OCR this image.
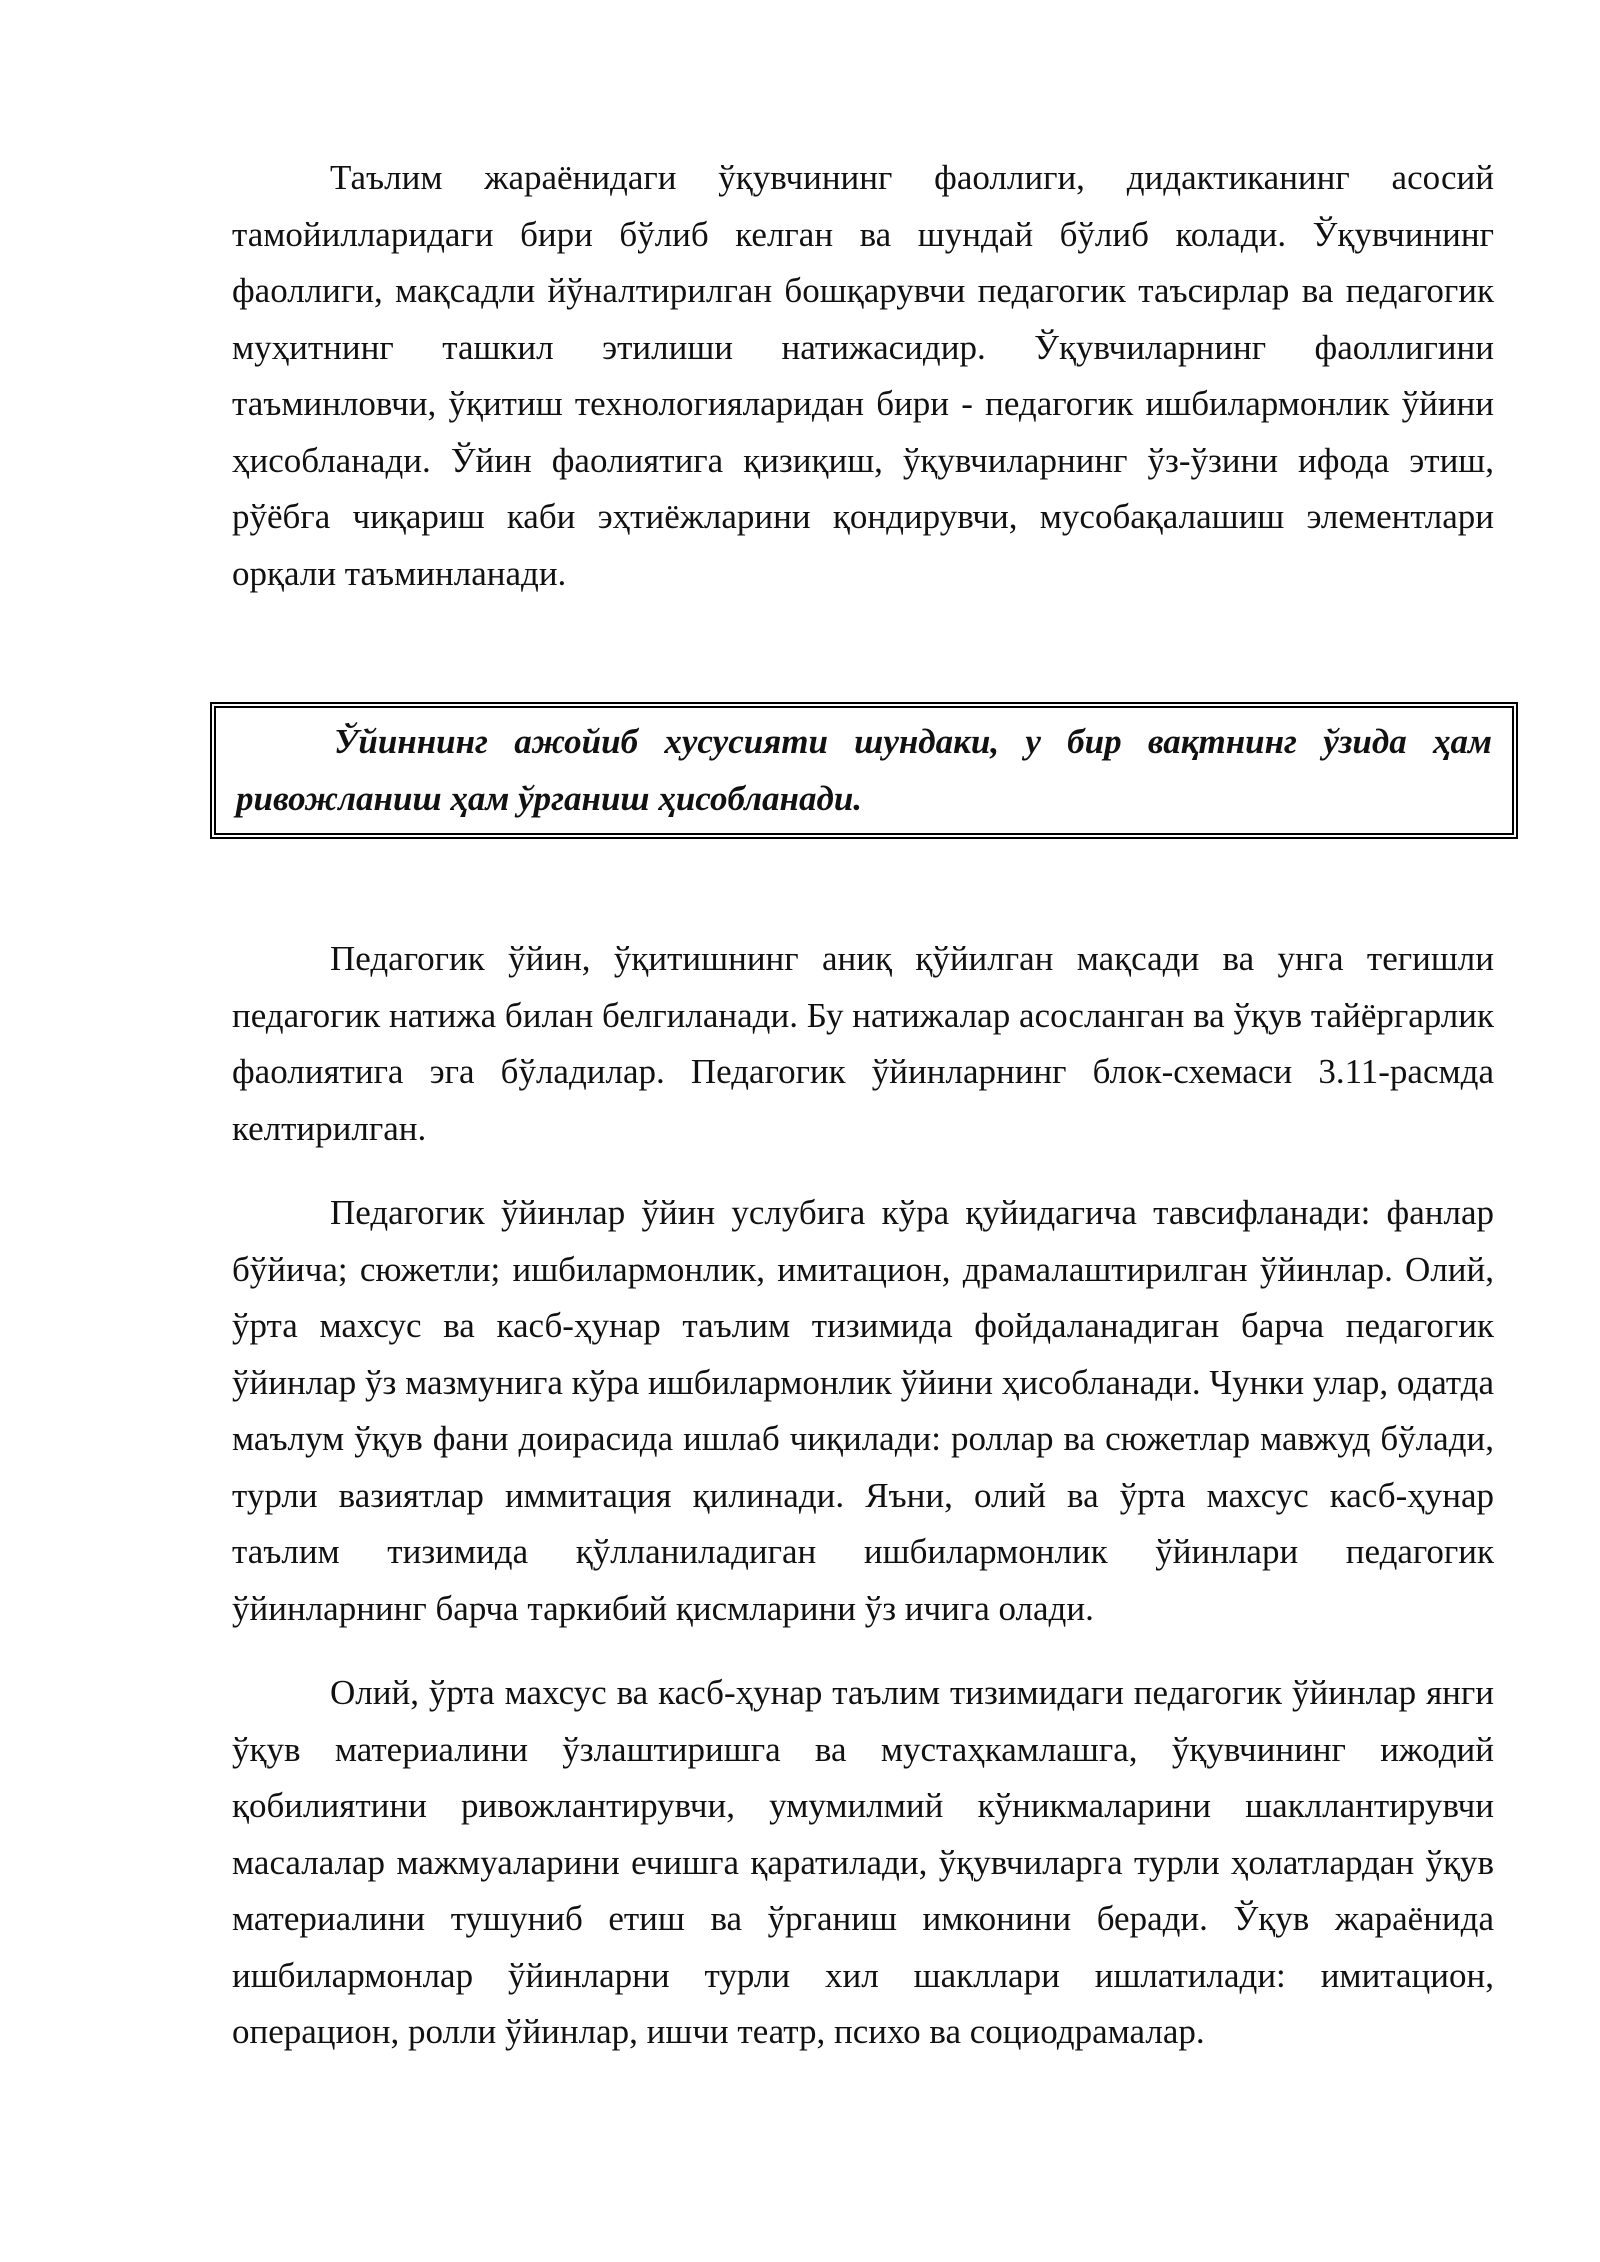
Таълим жараёнидаги ўқувчининг фаоллиги, дидактиканинг асосий тамойилларидаги бири бўлиб келган ва шундай бўлиб колади. Ўқувчининг фаоллиги, мақсадли йўналтирилган бошқарувчи педагогик таъсирлар ва педагогик муҳитнинг ташкил этилиши натижасидир. Ўқувчиларнинг фаоллигини таъминловчи, ўқитиш технологияларидан бири - педагогик ишбилармонлик ўйини ҳисобланади. Ўйин фаолиятига қизиқиш, ўқувчиларнинг ўз-ўзини ифода этиш, рўёбга чиқариш каби эҳтиёжларини қондирувчи, мусобақалашиш элементлари орқали таъминланади.

Ўйиннинг ажойиб хусусияти шундаки, у бир вақтнинг ўзида ҳам ривожланиш ҳам ўрганиш ҳисобланади.

Педагогик ўйин, ўқитишнинг аниқ қўйилган мақсади ва унга тегишли педагогик натижа билан белгиланади. Бу натижалар асосланган ва ўқув тайёргарлик фаолиятига эга бўладилар. Педагогик ўйинларнинг блок-схемаси 3.11-расмда келтирилган.

Педагогик ўйинлар ўйин услубига кўра қуйидагича тавсифланади: фанлар бўйича; сюжетли; ишбилармонлик, имитацион, драмалаштирилган ўйинлар. Олий, ўрта махсус ва касб-ҳунар таълим тизимида фойдаланадиган барча педагогик ўйинлар ўз мазмунига кўра ишбилармонлик ўйини ҳисобланади. Чунки улар, одатда маълум ўқув фани доирасида ишлаб чиқилади: роллар ва сюжетлар мавжуд бўлади, турли вазиятлар иммитация қилинади. Яъни, олий ва ўрта махсус касб-ҳунар таълим тизимида қўлланиладиган ишбилармонлик ўйинлари педагогик ўйинларнинг барча таркибий қисмларини ўз ичига олади.

Олий, ўрта махсус ва касб-ҳунар таълим тизимидаги педагогик ўйинлар янги ўқув материалини ўзлаштиришга ва мустаҳкамлашга, ўқувчининг ижодий қобилиятини ривожлантирувчи, умумилмий кўникмаларини шакллантирувчи масалалар мажмуаларини ечишга қаратилади, ўқувчиларга турли ҳолатлардан ўқув материалини тушуниб етиш ва ўрганиш имконини беради. Ўқув жараёнида ишбилармонлар ўйинларни турли хил шакллари ишлатилади: имитацион, операцион, ролли ўйинлар, ишчи театр, психо ва социодрамалар.
